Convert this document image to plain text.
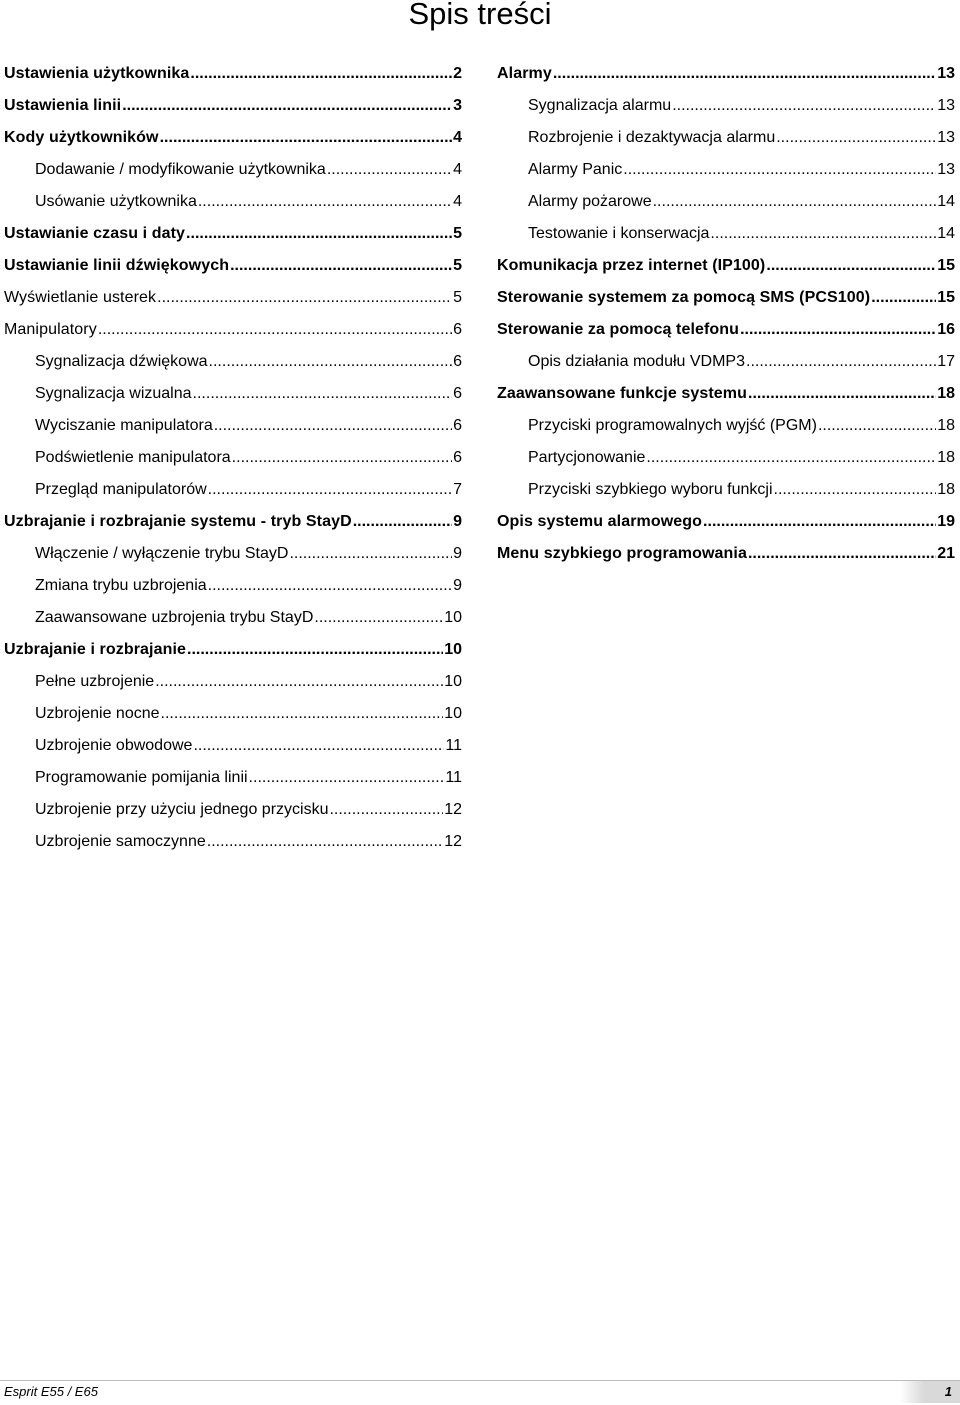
Spis treści
Ustawienia użytkownika .....	2
Ustawienia linii .....	3
Kody użytkowników .....	4
Dodawanie / modyfikowanie użytkownika .....	4
Usówanie użytkownika .....	4
Ustawianie czasu i daty .....	5
Ustawianie linii dźwiękowych .....	5
Wyświetlanie usterek .....	5
Manipulatory .....	6
Sygnalizacja dźwiękowa .....	6
Sygnalizacja wizualna .....	6
Wyciszanie manipulatora .....	6
Podświetlenie manipulatora .....	6
Przegląd manipulatorów .....	7
Uzbrajanie i rozbrajanie systemu - tryb StayD .....	9
Włączenie / wyłączenie trybu StayD .....	9
Zmiana trybu uzbrojenia .....	9
Zaawansowane uzbrojenia trybu StayD .....	10
Uzbrajanie i rozbrajanie .....	10
Pełne uzbrojenie .....	10
Uzbrojenie nocne .....	10
Uzbrojenie obwodowe .....	11
Programowanie pomijania linii .....	11
Uzbrojenie przy użyciu jednego przycisku .....	12
Uzbrojenie samoczynne .....	12
Alarmy .....	13
Sygnalizacja alarmu .....	13
Rozbrojenie i dezaktywacja alarmu .....	13
Alarmy Panic .....	13
Alarmy pożarowe .....	14
Testowanie i konserwacja .....	14
Komunikacja przez internet (IP100) .....	15
Sterowanie systemem za pomocą SMS (PCS100) .....	15
Sterowanie za pomocą telefonu .....	16
Opis działania modułu VDMP3 .....	17
Zaawansowane funkcje systemu .....	18
Przyciski programowalnych wyjść (PGM) .....	18
Partycjonowanie .....	18
Przyciski szybkiego wyboru funkcji .....	18
Opis systemu alarmowego .....	19
Menu szybkiego programowania .....	21
Esprit E55 / E65	1
